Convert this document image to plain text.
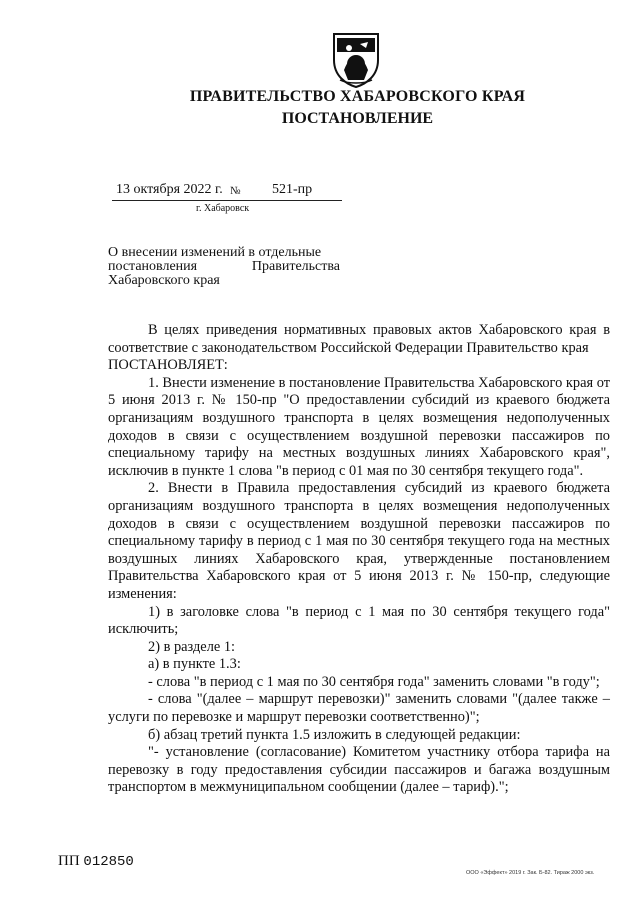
ПРАВИТЕЛЬСТВО ХАБАРОВСКОГО КРАЯ
ПОСТАНОВЛЕНИЕ
13 октября 2022 г. № 521-пр
г. Хабаровск
О внесении изменений в отдельные
постановления Правительства
Хабаровского края

В целях приведения нормативных правовых актов Хабаровского края в соответствие с законодательством Российской Федерации Правительство края

ПОСТАНОВЛЯЕТ:

1. Внести изменение в постановление Правительства Хабаровского края от 5 июня 2013 г. № 150-пр "О предоставлении субсидий из краевого бюджета организациям воздушного транспорта в целях возмещения недополученных доходов в связи с осуществлением воздушной перевозки пассажиров по специальному тарифу на местных воздушных линиях Хабаровского края", исключив в пункте 1 слова "в период с 01 мая по 30 сентября текущего года".

2. Внести в Правила предоставления субсидий из краевого бюджета организациям воздушного транспорта в целях возмещения недополученных доходов в связи с осуществлением воздушной перевозки пассажиров по специальному тарифу в период с 1 мая по 30 сентября текущего года на местных воздушных линиях Хабаровского края, утвержденные постановлением Правительства Хабаровского края от 5 июня 2013 г. № 150-пр, следующие изменения:

1) в заголовке слова "в период с 1 мая по 30 сентября текущего года" исключить;

2) в разделе 1:

а) в пункте 1.3:

- слова "в период с 1 мая по 30 сентября года" заменить словами "в году";

- слова "(далее – маршрут перевозки)" заменить словами "(далее также – услуги по перевозке и маршрут перевозки соответственно)";

б) абзац третий пункта 1.5 изложить в следующей редакции:

"- установление (согласование) Комитетом участнику отбора тарифа на перевозку в году предоставления субсидии пассажиров и багажа воздушным транспортом в межмуниципальном сообщении (далее – тариф).";

ПП 012850
ООО «Эффект» 2019 г. Зак. Б-82. Тираж 2000 экз.
